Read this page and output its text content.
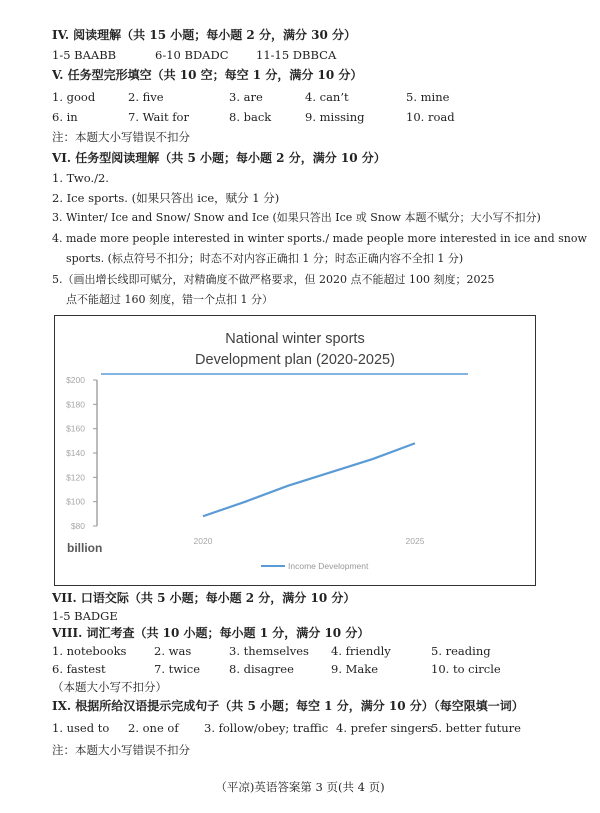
IV. 阅读理解（共 15 小题；每小题 2 分，满分 30 分）
1-5 BAABB	6-10 BDADC 11-15 DBBCA
V. 任务型完形填空（共 10 空；每空 1 分，满分 10 分）
1. good	2. five	3. are	4. can’t	5. mine
6. in	7. Wait for	8. back	9. missing	10. road
注：本题大小写错误不扣分
VI. 任务型阅读理解（共 5 小题；每小题 2 分，满分 10 分）
1. Two./2.
2. Ice sports. (如果只答出 ice，赋分 1 分)
3. Winter/ Ice and Snow/ Snow and Ice (如果只答出 Ice 或 Snow 本题不赋分；大小写不扣分)
4. made more people interested in winter sports./ made people more interested in ice and snow
sports. (标点符号不扣分；时态不对内容正确扣 1 分；时态正确内容不全扣 1 分)
5.（画出增长线即可赋分，对精确度不做严格要求，但 2020 点不能超过 100 刻度；2025
点不能超过 160 刻度，错一个点扣 1 分）
National winter sports
Development plan (2020-2025)
$80
$100
$120
$140
$160
$180
$200
2020	2025
billion
Income Development
VII. 口语交际（共 5 小题；每小题 2 分，满分 10 分）
1-5 BADGE
VIII. 词汇考查（共 10 小题；每小题 1 分，满分 10 分）
1. notebooks 2. was	3. themselves 4. friendly	5. reading
6. fastest	7. twice	8. disagree	9. Make	10. to circle
（本题大小写不扣分）
IX. 根据所给汉语提示完成句子（共 5 小题；每空 1 分，满分 10 分）（每空限填一词）
1. used to 2. one of 3. follow/obey; traffic 4. prefer singers
5. better future
注：本题大小写错误不扣分
（平凉)英语答案第 3 页(共 4 页)
